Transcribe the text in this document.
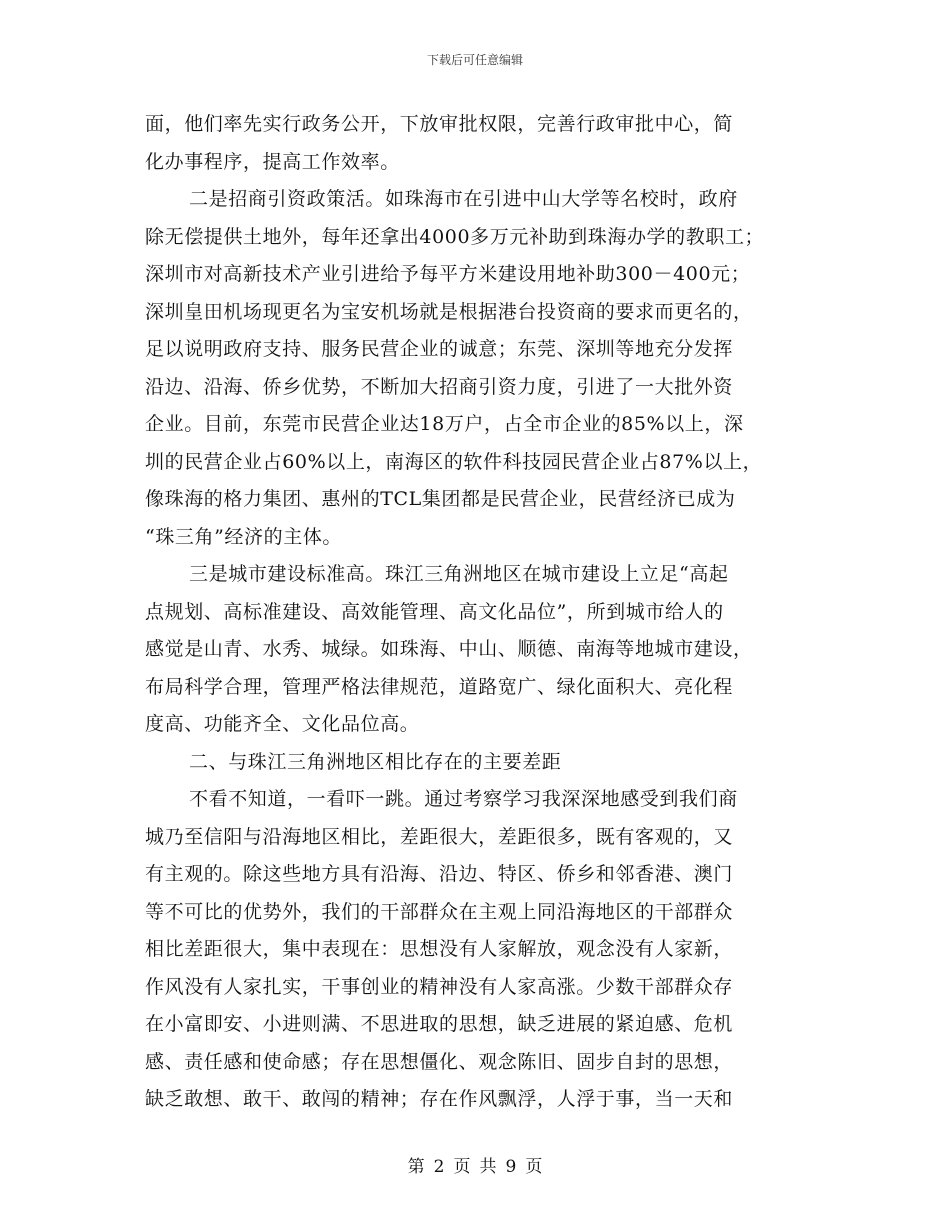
下载后可任意编辑
面，他们率先实行政务公开，下放审批权限，完善行政审批中心，简
化办事程序，提高工作效率。
二是招商引资政策活。如珠海市在引进中山大学等名校时，政府
除无偿提供土地外，每年还拿出4000多万元补助到珠海办学的教职工；
深圳市对高新技术产业引进给予每平方米建设用地补助300－400元；
深圳皇田机场现更名为宝安机场就是根据港台投资商的要求而更名的，
足以说明政府支持、服务民营企业的诚意；东莞、深圳等地充分发挥
沿边、沿海、侨乡优势，不断加大招商引资力度，引进了一大批外资
企业。目前，东莞市民营企业达18万户，占全市企业的85%以上，深
圳的民营企业占60%以上，南海区的软件科技园民营企业占87%以上，
像珠海的格力集团、惠州的TCL集团都是民营企业，民营经济已成为
“珠三角”经济的主体。
三是城市建设标准高。珠江三角洲地区在城市建设上立足“高起
点规划、高标准建设、高效能管理、高文化品位”，所到城市给人的
感觉是山青、水秀、城绿。如珠海、中山、顺德、南海等地城市建设，
布局科学合理，管理严格法律规范，道路宽广、绿化面积大、亮化程
度高、功能齐全、文化品位高。
二、与珠江三角洲地区相比存在的主要差距
不看不知道，一看吓一跳。通过考察学习我深深地感受到我们商
城乃至信阳与沿海地区相比，差距很大，差距很多，既有客观的，又
有主观的。除这些地方具有沿海、沿边、特区、侨乡和邻香港、澳门
等不可比的优势外，我们的干部群众在主观上同沿海地区的干部群众
相比差距很大，集中表现在：思想没有人家解放，观念没有人家新，
作风没有人家扎实，干事创业的精神没有人家高涨。少数干部群众存
在小富即安、小进则满、不思进取的思想，缺乏进展的紧迫感、危机
感、责任感和使命感；存在思想僵化、观念陈旧、固步自封的思想，
缺乏敢想、敢干、敢闯的精神；存在作风飘浮，人浮于事，当一天和
第 2 页 共 9 页
